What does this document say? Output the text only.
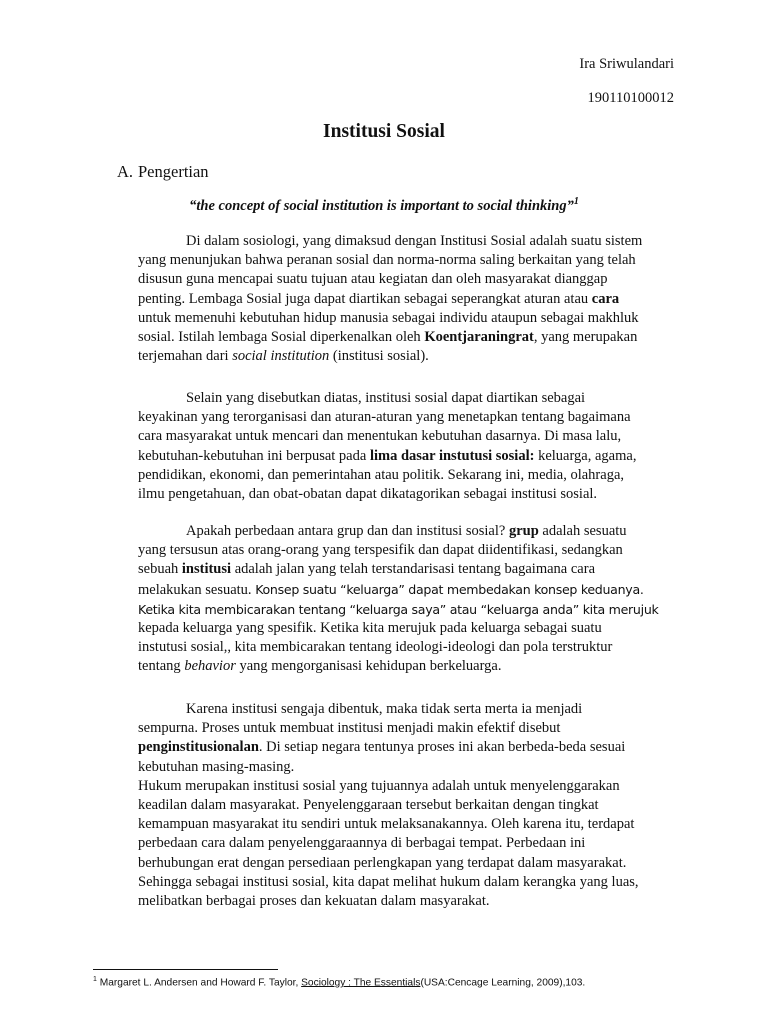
Ira Sriwulandari
190110100012
Institusi Sosial
A. Pengertian
“the concept of social institution is important to social thinking”$^1$
Di dalam sosiologi, yang dimaksud dengan Institusi Sosial adalah suatu sistem
yang menunjukan bahwa peranan sosial dan norma-norma saling berkaitan yang telah
disusun guna mencapai suatu tujuan atau kegiatan dan oleh masyarakat dianggap
penting. Lembaga Sosial juga dapat diartikan sebagai seperangkat aturan atau cara
untuk memenuhi kebutuhan hidup manusia sebagai individu ataupun sebagai makhluk
sosial. Istilah lembaga Sosial diperkenalkan oleh Koentjaraningrat, yang merupakan
terjemahan dari social institution (institusi sosial).
Selain yang disebutkan diatas, institusi sosial dapat diartikan sebagai
keyakinan yang terorganisasi dan aturan-aturan yang menetapkan tentang bagaimana
cara masyarakat untuk mencari dan menentukan kebutuhan dasarnya. Di masa lalu,
kebutuhan-kebutuhan ini berpusat pada lima dasar instutusi sosial: keluarga, agama,
pendidikan, ekonomi, dan pemerintahan atau politik. Sekarang ini, media, olahraga,
ilmu pengetahuan, dan obat-obatan dapat dikatagorikan sebagai institusi sosial.
Apakah perbedaan antara grup dan dan institusi sosial? grup adalah sesuatu
yang tersusun atas orang-orang yang terspesifik dan dapat diidentifikasi, sedangkan
sebuah institusi adalah jalan yang telah terstandarisasi tentang bagaimana cara
melakukan sesuatu. Konsep suatu “keluarga” dapat membedakan konsep keduanya.
Ketika kita membicarakan tentang “keluarga saya” atau “keluarga anda” kita merujuk
kepada keluarga yang spesifik. Ketika kita merujuk pada keluarga sebagai suatu
instutusi sosial,, kita membicarakan tentang ideologi-ideologi dan pola terstruktur
tentang behavior yang mengorganisasi kehidupan berkeluarga.
Karena institusi sengaja dibentuk, maka tidak serta merta ia menjadi
sempurna. Proses untuk membuat institusi menjadi makin efektif disebut
penginstitusionalan. Di setiap negara tentunya proses ini akan berbeda-beda sesuai
kebutuhan masing-masing.
Hukum merupakan institusi sosial yang tujuannya adalah untuk menyelenggarakan
keadilan dalam masyarakat. Penyelenggaraan tersebut berkaitan dengan tingkat
kemampuan masyarakat itu sendiri untuk melaksanakannya. Oleh karena itu, terdapat
perbedaan cara dalam penyelenggaraannya di berbagai tempat. Perbedaan ini
berhubungan erat dengan persediaan perlengkapan yang terdapat dalam masyarakat.
Sehingga sebagai institusi sosial, kita dapat melihat hukum dalam kerangka yang luas,
melibatkan berbagai proses dan kekuatan dalam masyarakat.
$^1$ Margaret L. Andersen and Howard F. Taylor, Sociology : The Essentials(USA:Cencage Learning, 2009),103.
